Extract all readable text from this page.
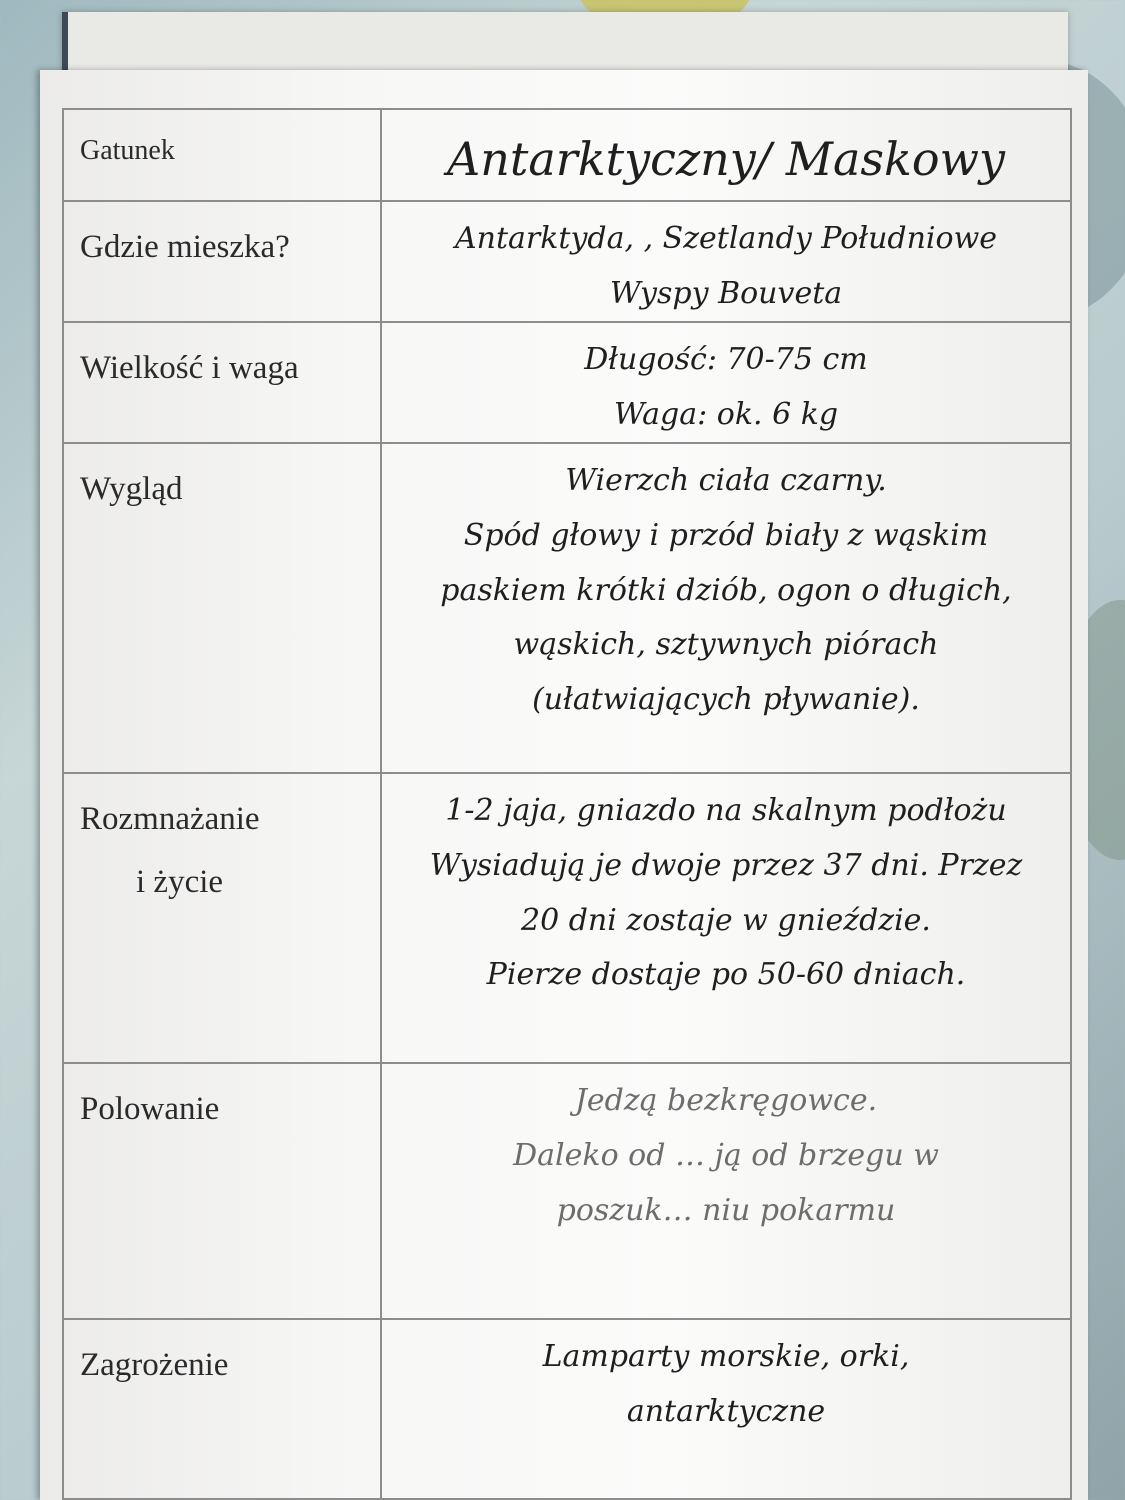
Gatunek	Antarktyczny/ Maskowy

Gdzie mieszka?	Antarktyda, , Szetlandy Południowe
Wyspy Bouveta

Wielkość i waga	Długość: 70-75 cm
Waga: ok. 6 kg

Wygląd	Wierzch ciała czarny.
Spód głowy i przód biały z wąskim
paskiem krótki dziób, ogon o długich,
wąskich, sztywnych piórach
(ułatwiających pływanie).

Rozmnażanie
i życie	1-2 jaja, gniazdo na skalnym podłożu
Wysiadują je dwoje przez 37 dni. Przez
20 dni zostaje w gnieździe.
Pierze dostaje po 50-60 dniach.

Polowanie	Jedzą bezkręgowce.
Daleko od … ją od brzegu w
poszuk… niu pokarmu

Zagrożenie	Lamparty morskie, orki,
antarktyczne
